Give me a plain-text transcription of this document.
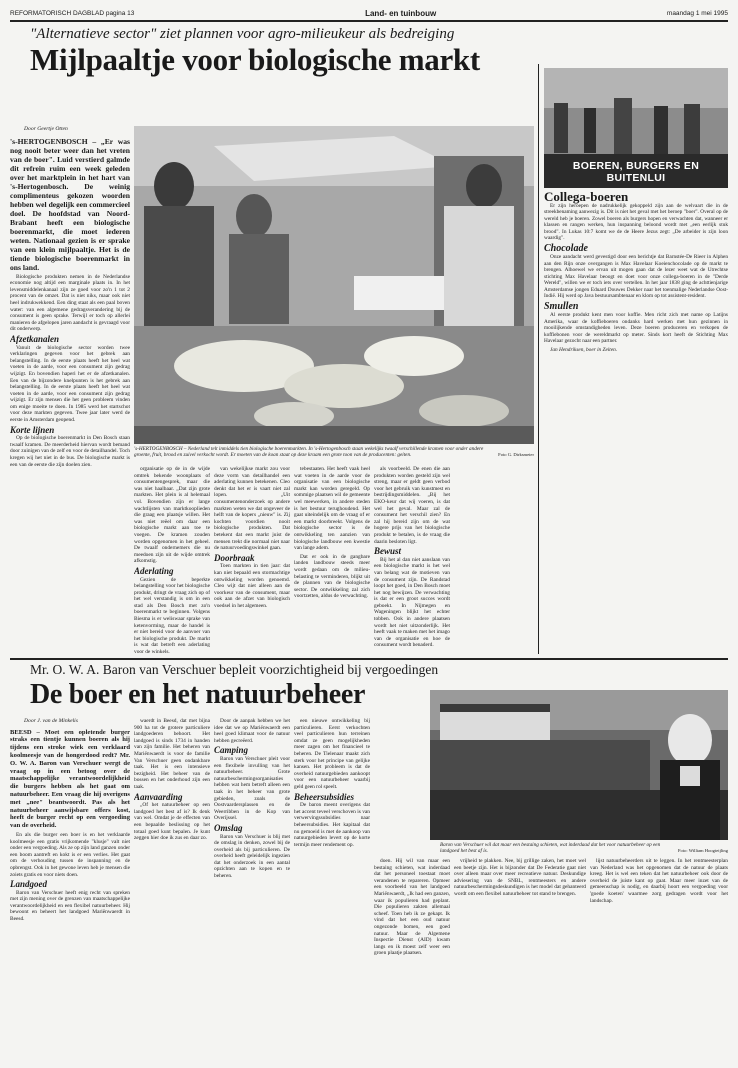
REFORMATORISCH DAGBLAD pagina 13	Land- en tuinbouw	maandag 1 mei 1995
"Alternatieve sector" ziet plannen voor agro-milieukeur als bedreiging
Mijlpaaltje voor biologische markt
Door Geertje Otten

's-HERTOGENBOSCH – „Er was nog nooit beter weer dan het vreten van de boer". Luid verstierd galmde dit refrein ruim een week geleden over het marktplein in het hart van 's-Hertogenbosch. De weinig complimenteus gekozen woorden hebben wel degelijk een commercieel doel. De hoofdstad van Noord-Brabant heeft een biologische boerenmarkt, die moet iederen weten. Nationaal gezien is er sprake van een klein mijlpaaltje. Het is de tiende biologische boerenmarkt in ons land.

Biologische produkten nemen in de Nederlandse economie nog altijd een marginale plaats in. In het levensmiddelenkanaal zijn ze goed voor zo'n 1 tot 2 procent van de omzet. Dat is niet niks, maar ook niet heel indrukwekkend. Een ding staat als een paal boven water: van een algemene gedragsverandering bij de consument is geen sprake. Terwijl er toch op allerlei manieren de afgelopen jaren aandacht is gevraagd voor dit onderwerp.

Afzetkanalen

Vanuit de biologische sector worden twee verklaringen gegeven voor het gebrek aan belangstelling. In de eerste plaats heeft het heel wat voeten in de aarde, voor een consument zijn gedrag wijzigt. En bovendien haperi het er de afzetkanalen. Een van de bijzondere knelpunten is het gebrek aan belangstelling. In de eerste plaats heeft het heel wat voeten in de aarde, voor een consument zijn gedrag wijzigt. Er zijn mensen die het geen probleem vinden om enige moeite te doen. In 1985 werd het startschot voor deze markten gegeven. Twee jaar later werd de eerste in Amsterdam geopend.

Korte lijnen

Op de biologische boerenmarkt in Den Bosch staan twaalf kramen. De meerderheid hiervan wordt bemand door zuinigen van de zelf en voor de detailhandel. Toch kregen wij het niet in de bus. De biologische markt is een van de eerste die zijn doelen zien.

's-HERTOGENBOSCH – Nederland telt inmiddels tien biologische boerenmarkten. In 's-Hertogenbosch staan wekelijks twaalf verschillende kramen voor onder andere groente, fruit, brood en zuivel verkocht wordt. Er moeten van de koan staat op deze kraam een grote toon van de producenten: geiten.	Foto G. Dirksmeier

organisatie op de in de wijde omtrek bekende woonplaats of consumentengesprek, maar die was niet haalbaar. „Dat zijn grote markten. Het plein is al helemaal vol. Bovendien zijn er lange wachtlijsten van marktkooplieden die graag een plaatsje willen. Het was niet reëel om daar een biologische markt aan toe te voegen. De kramen zouden worden opgenomen in het geheel. De twaalf ondernemers die nu meedoen zijn uit de wijde omtrek afkomstig.

Aderlating

Gezien de beperkte belangstelling voor het biologische produkt, dringt de vraag zich op of het wel verstandig is om in een stad als Den Bosch met zo'n boerenmarkt te beginnen. Volgens Biesma is er weliswaar sprake van ketenvorming, maar de handel is er niet bereid voor de aanvoer van het biologische produkt. De markt is wat dat betreft een aderlating voor de winkels.

van wekelijkse markt zou voor deze vorm van detailhandel een aderlating kunnen betekenen. Cleo denkt dat het er is vaart niet zal lopen. „Uit consumentenonderzoek op andere markten weten we dat ongeveer de helft van de kopers „nieuw" is. Zij kochten voordien nooit biologische produkten. Dat betekent dat een markt juist de mensen trekt die normaal niet naar de natuurvoedingswinkel gaan.

Doorbraak

Toen markten in tien jaar: dat kan niet bepaald een stormachtige ontwikkeling worden genoemd. Cleo wijt dat niet alleen aan de voorkeur van de consument, maar ook aan de afzet van biologisch voedsel in het algemeen.

tebestaaten. Het heeft vaak heel wat voeten in de aarde voor de organisatie van een biologische markt kan worden geregeld. Op sommige plaatsen wil de gemeente wel meewerken, in andere steden is het bestuur terughoudend. Het gaat uiteindelijk om de vraag of er een markt doorbreekt. Volgens de biologische sector is de ontwikkeling ten aanzien van biologische landbouw een kwestie van lange adem.

Dat er ook in de gangbare landen landbouw steeds meer wordt gedaan om de milieu-belasting te verminderen, blijkt uit de plannen van de biologische sector. De ontwikkeling zal zich voortzetten, aldus de verwachting.

als voorbeeld. De enen die aan produkten worden gesteld zijn wel streng, maar er geldt geen verbod voor het gebruik van kunstmest en bestrijdingsmiddelen. „Bij het EKO-keur dat wij voeren, is dat wel het geval. Maar zal de consument het verschil zien? En zal hij bereid zijn om de wat hogere prijs van het biologische produkt te betalen, is de vraag die daarin besloten ligt.

Bewust

Bij het al dan niet aanslaan van een biologische markt is het wel van belang wat de motieven van de consument zijn. De Randstad loopt het goed, in Den Bosch moet het nog bewijzen. De verwachting is dat er een groot succes wordt geboekt. In Nijmegen en Wageningen blijkt het echter tobben. Ook in andere plaatsen wordt het niet uitzonderlijk. Het heeft vaak te maken met het imago van de organisatie en hoe de consument wordt benaderd.

BOEREN, BURGERS EN BUITENLUI
Collega-boeren

Er zijn heroepen de nadrukkelijk gekoppeld zijn aan de welvaart die in de streekbenaming aanwezig is. Dit is niet het geval met het beroep "boer". Overal op de wereld heb je boeren. Zowel boeren als burgers hopen en verwachten dat, wanneer er klassen en rangen werken, hun inspanning beloond wordt met „een eerlijk stuk brood". In Lukas 10:7 komt we de de Heere Jezus zegt: „De arbeider is zijn loon waardig".

Chocolade

Onze aandacht werd gevestigd door een berichtje dat Barnstée-De Rieer in Alphen aan den Rijn onze overgangen is Max Havelaar Koeienchocolade op de markt te brengen. Alhoewel we ervan uit mogen gaan dat de lezer weet wat de Utrechtse stichting Max Havelaar beoogt en doet voor onze collega-boeren in de "Derde Wereld", willen we er toch iets over vertellen. In het jaar 1838 ging de achttienjarige Amsterdamse jongen Eduard Douwes Dekker naar het toenmalige Nederlandse Oost-Indië. Hij werd op Java bestuursambtenaar en klom op tot assistent-resident.

Smullen

Al eerste produkt kent men voor koffie. Men richt zich met name op Latijns Amerika, waar de koffieboeren ondanks hard werken met hun gezinnen in mooilijkende omstandigheden leven. Deze boeren produceren en verkopen de koffiebonen voor de wereldmarkt op meter. Sinds kort heeft de Stichting Max Havelaar gezocht naar een partner.

Jan Hendriksen, boer in Zeiten.

Mr. O. W. A. Baron van Verschuer bepleit voorzichtigheid bij vergoedingen
De boer en het natuurbeheer
Baron van Verschuer wil dat maar een bestaing schieten, wat inderdaad dat het voor natuurbeheer op een landgoed het best af is.	Foto: William Hoogteijling
Door J. van de Minkelis

BEESD – Moet een opletende burger straks een tientje kunnen boeren als hij tijdens een stroke wiek een verklaard koolmeesje van de hongerdood redt? Mr. O. W. A. Baron van Verschuer wergt de vraag op in een betoog over de maatschappelijke verantwoordelijkheid die burgers hebben als het gaat om natuurbeheer. Een vraag die hij overigens met „nee" beantwoordt. Pas als het natuurbeheer aanwijsbare offers kost, heeft de burger recht op een vergoeding van de overheid.

En als die burger een boer is en het verklaarde koolmeesje een gratis vrijkomende "klusje" valt niet onder een vergoeding. Als ze op zijn land ganzen onder een boom aantreft en kokt is er een verlies. Het gaat om de verhouding tussen de inspanning en de opbrengst. Ook in het gewone leven heb je mensen die zoiets gratis en voor niets doen.

Landgoed

Baron van Verschuer heeft enig recht van spreken met zijn mening over de grenzen van maatschappelijke verantwoordelijkheid en een flexibel natuurbeheer. Hij bewoont en beheert het landgoed Mariënwaerdt in Beesd.

waerdt in Beesd, dat met bijna 900 ha tot de grotere particuliere landgoederen behoort. Het landgoed is sinds 1734 in handen van zijn familie. Het beheren van Mariënwaerdt is voor de familie Van Verschuer geen ondankbare taak. Het is een intensieve bezigheid. Het beheer van de bossen en het onderhoud zijn een taak.

Aanvaarding

„Of het natuurbeheer op een landgoed het best af is? Ik denk van wel. Omdat je de effecten van een bepaalde beslissing op het totaal goed kunt bepalen. Je kunt zeggen hier doe ik zus en daar zo.

Door de aanpak hebben we het idee dat we op Mariënwaerdt een heel goed klimaat voor de natuur hebben gecreëerd.

Camping

Baron van Verschuer pleit voor een flexibele invulling van het natuurbeheer. Grote natuurbeschermingsorganisaties hebben wat hem betreft alleen een taak in het beheer van grote gebieden, zoals de Oostvaardersplassen en de Weerribben in de Kop van Overijssel.

Omslag

Baron van Verschuer is blij met de omslag in denken, zowel bij de overheid als bij particulieren. De overheid heeft geleidelijk ingezien dat het onderzoek in een aantal opzichten aan te kopen en te beheren.

een nieuwe ontwikkeling bij particulieren. Eerst verkochten veel particulieren hun terreinen omdat ze geen mogelijkheden meer zagen om het financieel te beheren. De Tielenaar maakt zich sterk voor het principe van gelijke kansen. Het probleem is dat de overheid natuurgebieden aankoopt voor een natuurbeheer waarbij geld geen rol speelt.

Beheersubsidies

De baron meent overigens dat het accent teveel verschoven is van verwervingssubsidies naar beheersubsidies. Het kapitaal dat nu gemoeid is met de aankoop van natuurgebieden levert op de korte termijn meer rendement op.

doen. Hij wil van maar een bestaing schieten, wat inderdaad dat het personeel toestaat moet verandenen te repareren. Opmeer een voorbeeld van het landgoed Mariënwaerdt, „Ik had een ganzen, waar ik populieren had geplant. Die populieren zakten allemaal scheef. Toen heb ik ze gekapt. Ik vind dat het een oud natuur ongezonde bomen, een goed natuur. Maar de Algemene Inspectie Dienst (AID) kwam langs en ik moest zelf weer een groen plaatje plaatsen.

vrijheid te plakken. Nee, bij grillige zaken, het moet wel een beetje zijn. Het is bijzonder dat De Federatie gaat niet over alleen maar over meer recreatieve natuur. Deskundige adviesering van de SNBL, rentmeesters en andere natuurbeschermingsdeskundigen is het model dat gehanteerd wordt om een flexibel natuurbeheer tot stand te brengen.

lijst natuurbeheerders uit te leggen. In het rentmeesterplan van Nederland was het opgenomen dat de natuur de plaats kreeg. Het is wel een teken dat het natuurbeheer ook door de overheid de juiste kant op gaat. Maar meer inzet van de gemeenschap is nodig, en daarbij hoort een vergoeding voor 'goede koeten' waarmee zorg gedragen wordt voor het landschap.
